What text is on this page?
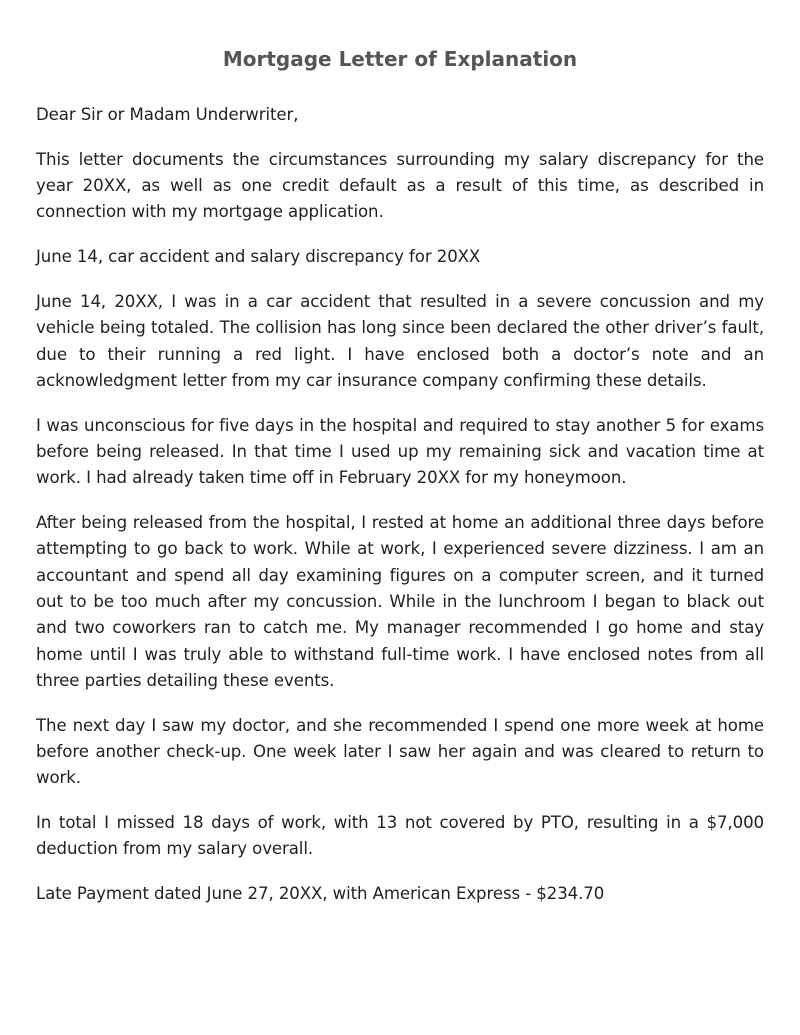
Mortgage Letter of Explanation

Dear Sir or Madam Underwriter,

This letter documents the circumstances surrounding my salary discrepancy for the year 20XX, as well as one credit default as a result of this time, as described in connection with my mortgage application.

June 14, car accident and salary discrepancy for 20XX

June 14, 20XX, I was in a car accident that resulted in a severe concussion and my vehicle being totaled. The collision has long since been declared the other driver’s fault, due to their running a red light. I have enclosed both a doctor’s note and an acknowledgment letter from my car insurance company confirming these details.

I was unconscious for five days in the hospital and required to stay another 5 for exams before being released. In that time I used up my remaining sick and vacation time at work. I had already taken time off in February 20XX for my honeymoon.

After being released from the hospital, I rested at home an additional three days before attempting to go back to work. While at work, I experienced severe dizziness. I am an accountant and spend all day examining figures on a computer screen, and it turned out to be too much after my concussion. While in the lunchroom I began to black out and two coworkers ran to catch me. My manager recommended I go home and stay home until I was truly able to withstand full-time work. I have enclosed notes from all three parties detailing these events.

The next day I saw my doctor, and she recommended I spend one more week at home before another check-up. One week later I saw her again and was cleared to return to work.

In total I missed 18 days of work, with 13 not covered by PTO, resulting in a $7,000 deduction from my salary overall.

Late Payment dated June 27, 20XX, with American Express - $234.70
